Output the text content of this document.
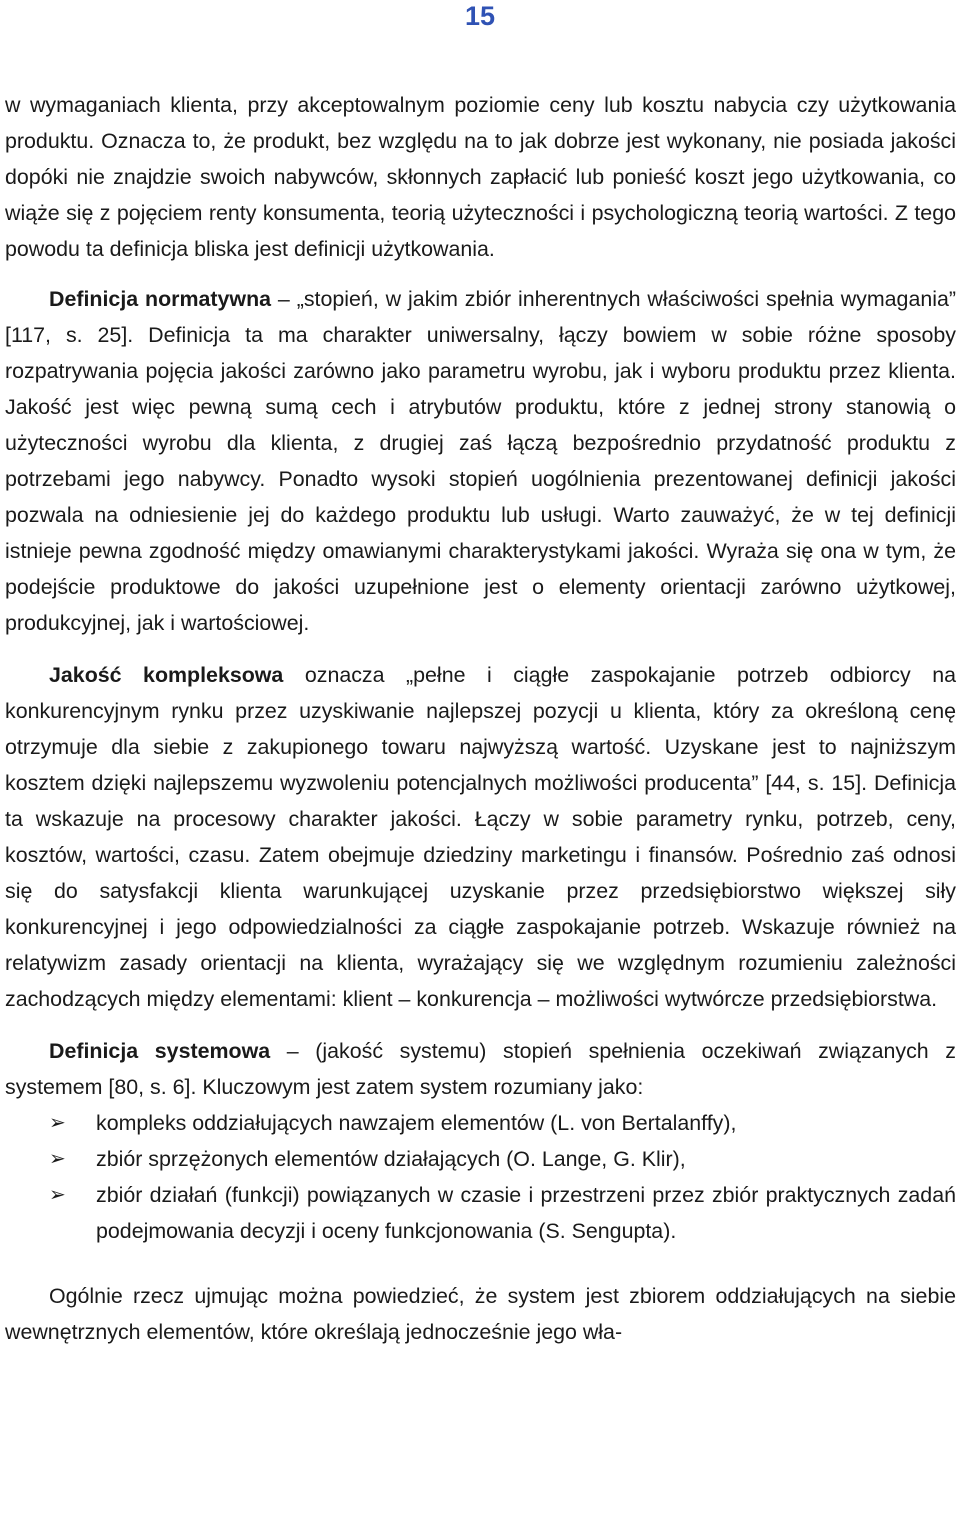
15

w wymaganiach klienta, przy akceptowalnym poziomie ceny lub kosztu nabycia czy użytkowania produktu. Oznacza to, że produkt, bez względu na to jak dobrze jest wykonany, nie posiada jakości dopóki nie znajdzie swoich nabywców, skłonnych zapłacić lub ponieść koszt jego użytkowania, co wiąże się z pojęciem renty konsumenta, teorią użyteczności i psychologiczną teorią wartości. Z tego powodu ta definicja bliska jest definicji użytkowania.

Definicja normatywna – „stopień, w jakim zbiór inherentnych właściwości spełnia wymagania” [117, s. 25]. Definicja ta ma charakter uniwersalny, łączy bowiem w sobie różne sposoby rozpatrywania pojęcia jakości zarówno jako parametru wyrobu, jak i wyboru produktu przez klienta. Jakość jest więc pewną sumą cech i atrybutów produktu, które z jednej strony stanowią o użyteczności wyrobu dla klienta, z drugiej zaś łączą bezpośrednio przydatność produktu z potrzebami jego nabywcy. Ponadto wysoki stopień uogólnienia prezentowanej definicji jakości pozwala na odniesienie jej do każdego produktu lub usługi. Warto zauważyć, że w tej definicji istnieje pewna zgodność między omawianymi charakterystykami jakości. Wyraża się ona w tym, że podejście produktowe do jakości uzupełnione jest o elementy orientacji zarówno użytkowej, produkcyjnej, jak i wartościowej.

Jakość kompleksowa oznacza „pełne i ciągłe zaspokajanie potrzeb odbiorcy na konkurencyjnym rynku przez uzyskiwanie najlepszej pozycji u klienta, który za określoną cenę otrzymuje dla siebie z zakupionego towaru najwyższą wartość. Uzyskane jest to najniższym kosztem dzięki najlepszemu wyzwoleniu potencjalnych możliwości producenta” [44, s. 15]. Definicja ta wskazuje na procesowy charakter jakości. Łączy w sobie parametry rynku, potrzeb, ceny, kosztów, wartości, czasu. Zatem obejmuje dziedziny marketingu i finansów. Pośrednio zaś odnosi się do satysfakcji klienta warunkującej uzyskanie przez przedsiębiorstwo większej siły konkurencyjnej i jego odpowiedzialności za ciągłe zaspokajanie potrzeb. Wskazuje również na relatywizm zasady orientacji na klienta, wyrażający się we względnym rozumieniu zależności zachodzących między elementami: klient – konkurencja – możliwości wytwórcze przedsiębiorstwa.

Definicja systemowa – (jakość systemu) stopień spełnienia oczekiwań związanych z systemem [80, s. 6]. Kluczowym jest zatem system rozumiany jako:

➢ kompleks oddziałujących nawzajem elementów (L. von Bertalanffy),
➢ zbiór sprzężonych elementów działających (O. Lange, G. Klir),
➢ zbiór działań (funkcji) powiązanych w czasie i przestrzeni przez zbiór praktycznych zadań podejmowania decyzji i oceny funkcjonowania (S. Sengupta).

Ogólnie rzecz ujmując można powiedzieć, że system jest zbiorem oddziałujących na siebie wewnętrznych elementów, które określają jednocześnie jego wła-
